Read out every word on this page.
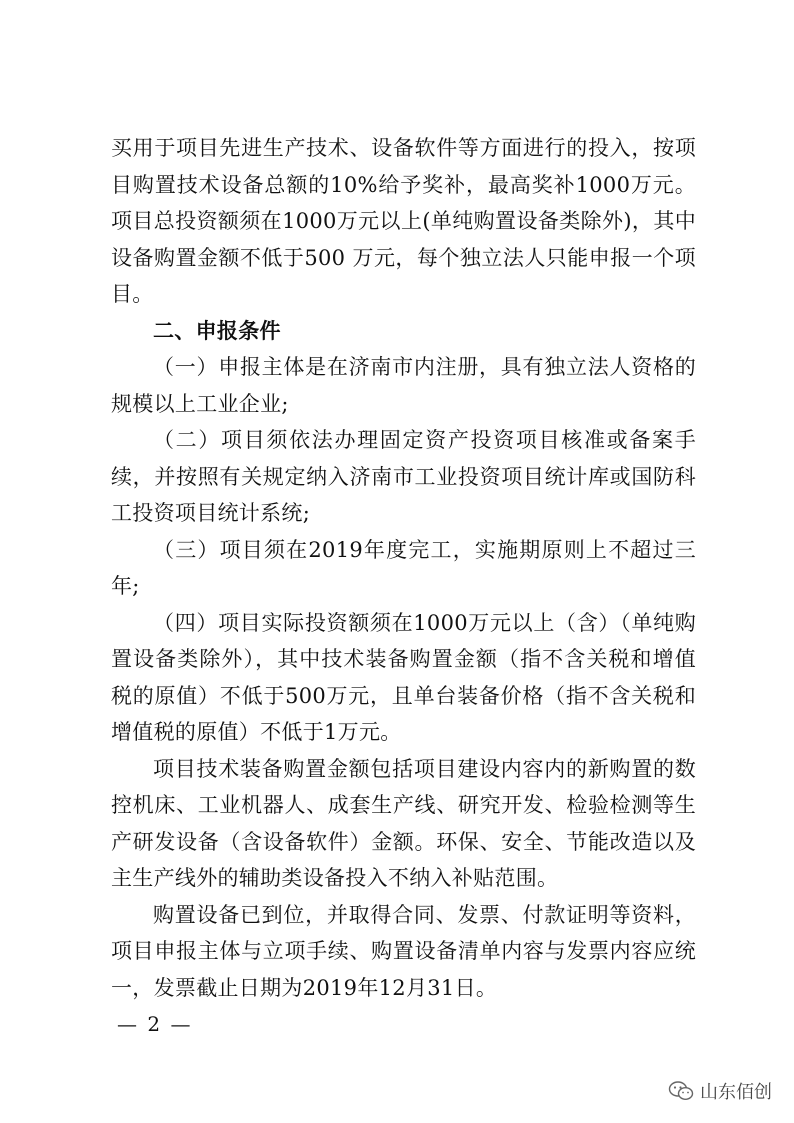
买用于项目先进生产技术、设备软件等方面进行的投入，按项目购置技术设备总额的10%给予奖补，最高奖补1000万元。项目总投资额须在1000万元以上(单纯购置设备类除外)，其中设备购置金额不低于500 万元，每个独立法人只能申报一个项目。

二、申报条件

（一）申报主体是在济南市内注册，具有独立法人资格的规模以上工业企业;

（二）项目须依法办理固定资产投资项目核准或备案手续，并按照有关规定纳入济南市工业投资项目统计库或国防科工投资项目统计系统;

（三）项目须在2019年度完工，实施期原则上不超过三年;

（四）项目实际投资额须在1000万元以上（含）（单纯购置设备类除外），其中技术装备购置金额（指不含关税和增值税的原值）不低于500万元，且单台装备价格（指不含关税和增值税的原值）不低于1万元。

项目技术装备购置金额包括项目建设内容内的新购置的数控机床、工业机器人、成套生产线、研究开发、检验检测等生产研发设备（含设备软件）金额。环保、安全、节能改造以及主生产线外的辅助类设备投入不纳入补贴范围。

购置设备已到位，并取得合同、发票、付款证明等资料，项目申报主体与立项手续、购置设备清单内容与发票内容应统一，发票截止日期为2019年12月31日。

— 2 —
山东佰创
